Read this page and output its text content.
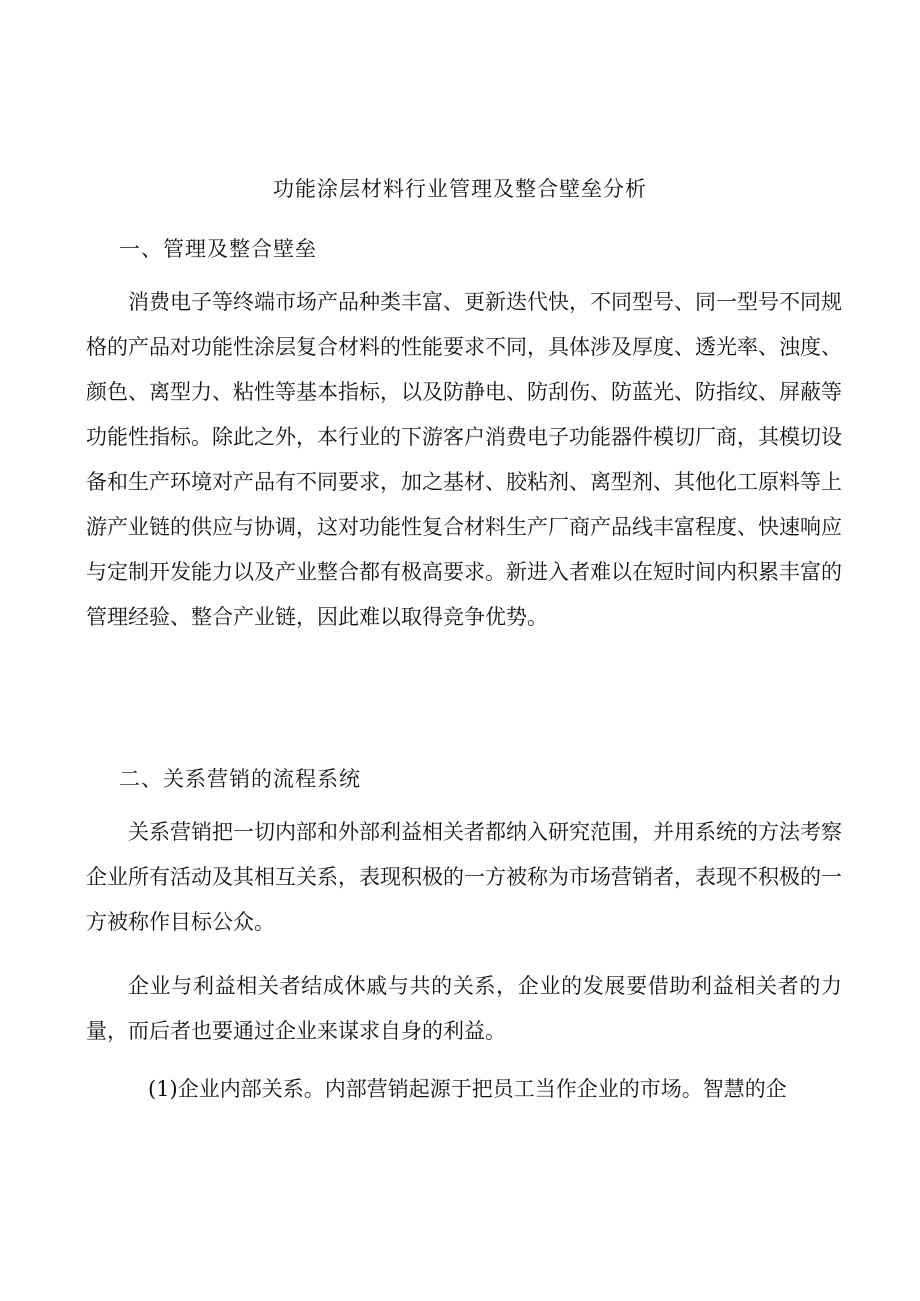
功能涂层材料行业管理及整合壁垒分析
一、管理及整合壁垒

消费电子等终端市场产品种类丰富、更新迭代快，不同型号、同一型号不同规格的产品对功能性涂层复合材料的性能要求不同，具体涉及厚度、透光率、浊度、颜色、离型力、粘性等基本指标，以及防静电、防刮伤、防蓝光、防指纹、屏蔽等功能性指标。除此之外，本行业的下游客户消费电子功能器件模切厂商，其模切设备和生产环境对产品有不同要求，加之基材、胶粘剂、离型剂、其他化工原料等上游产业链的供应与协调，这对功能性复合材料生产厂商产品线丰富程度、快速响应与定制开发能力以及产业整合都有极高要求。新进入者难以在短时间内积累丰富的管理经验、整合产业链，因此难以取得竞争优势。

二、关系营销的流程系统

关系营销把一切内部和外部利益相关者都纳入研究范围，并用系统的方法考察企业所有活动及其相互关系，表现积极的一方被称为市场营销者，表现不积极的一方被称作目标公众。

企业与利益相关者结成休戚与共的关系，企业的发展要借助利益相关者的力量，而后者也要通过企业来谋求自身的利益。

(1)企业内部关系。内部营销起源于把员工当作企业的市场。智慧的企
